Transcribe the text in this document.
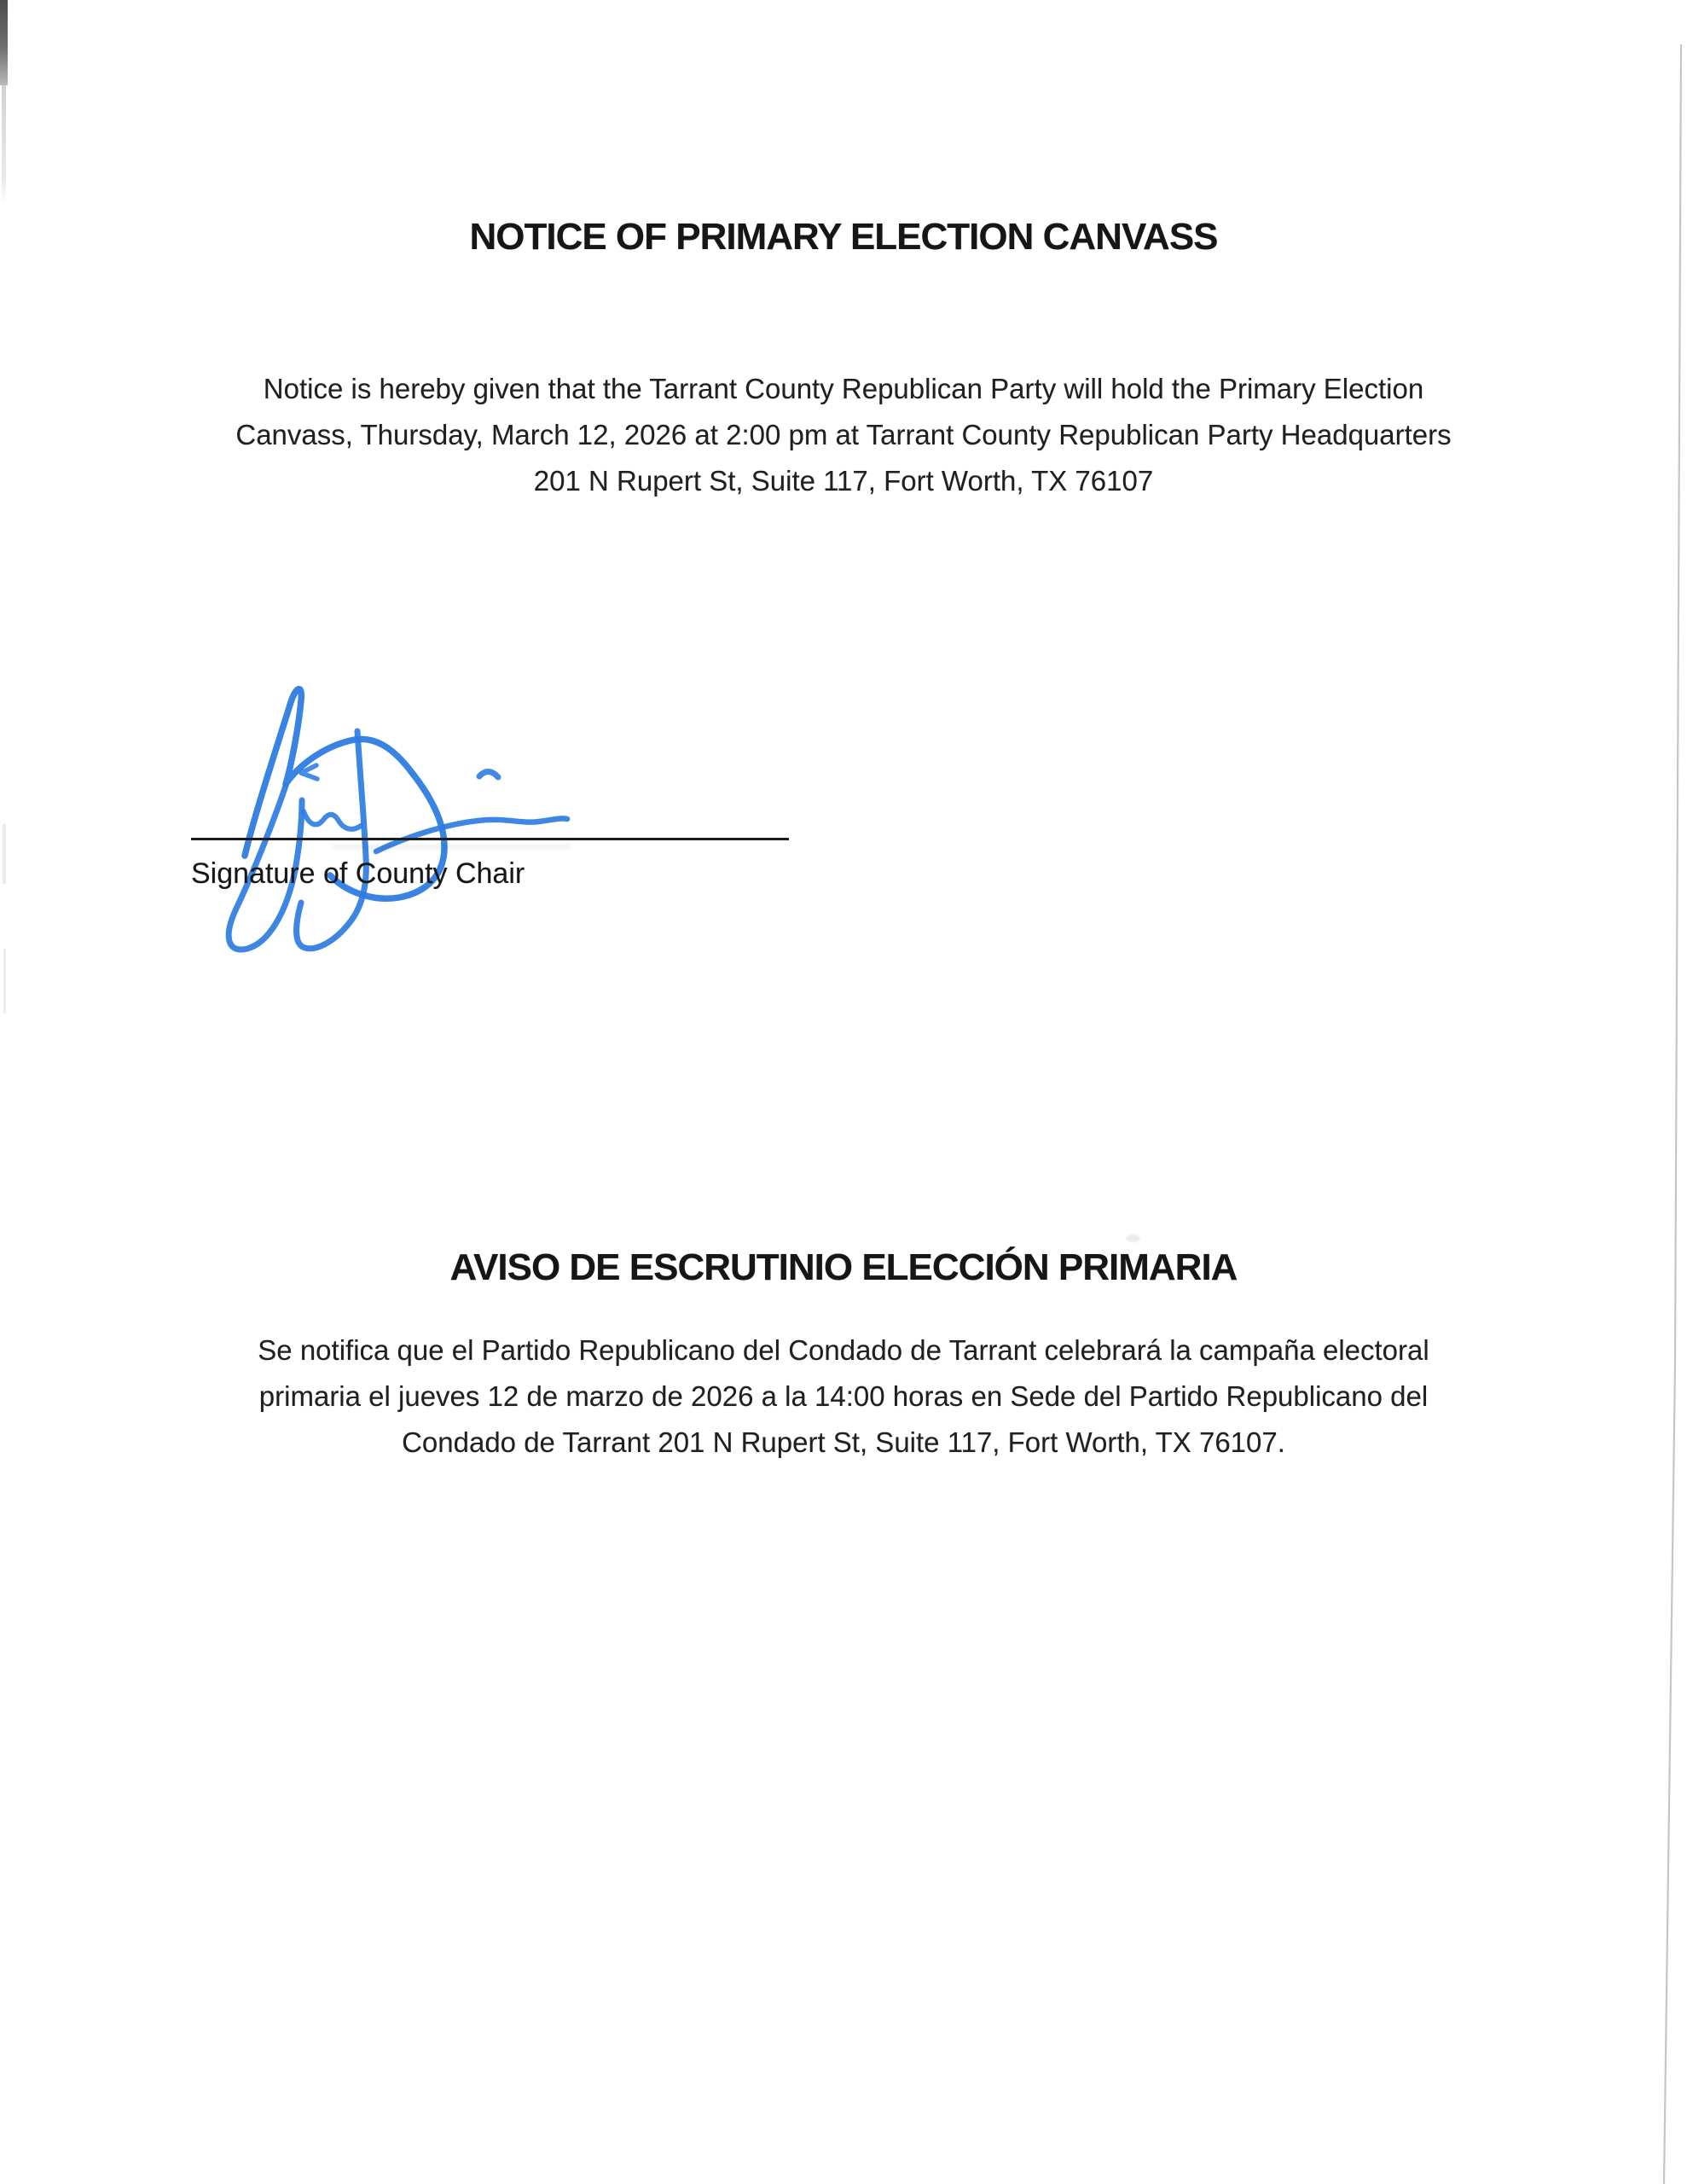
NOTICE OF PRIMARY ELECTION CANVASS
Notice is hereby given that the Tarrant County Republican Party will hold the Primary Election
Canvass, Thursday, March 12, 2026 at 2:00 pm at Tarrant County Republican Party Headquarters
201 N Rupert St, Suite 117, Fort Worth, TX 76107
Signature of County Chair
AVISO DE ESCRUTINIO ELECCIÓN PRIMARIA
Se notifica que el Partido Republicano del Condado de Tarrant celebrará la campaña electoral
primaria el jueves 12 de marzo de 2026 a la 14:00 horas en Sede del Partido Republicano del
Condado de Tarrant 201 N Rupert St, Suite 117, Fort Worth, TX 76107.
